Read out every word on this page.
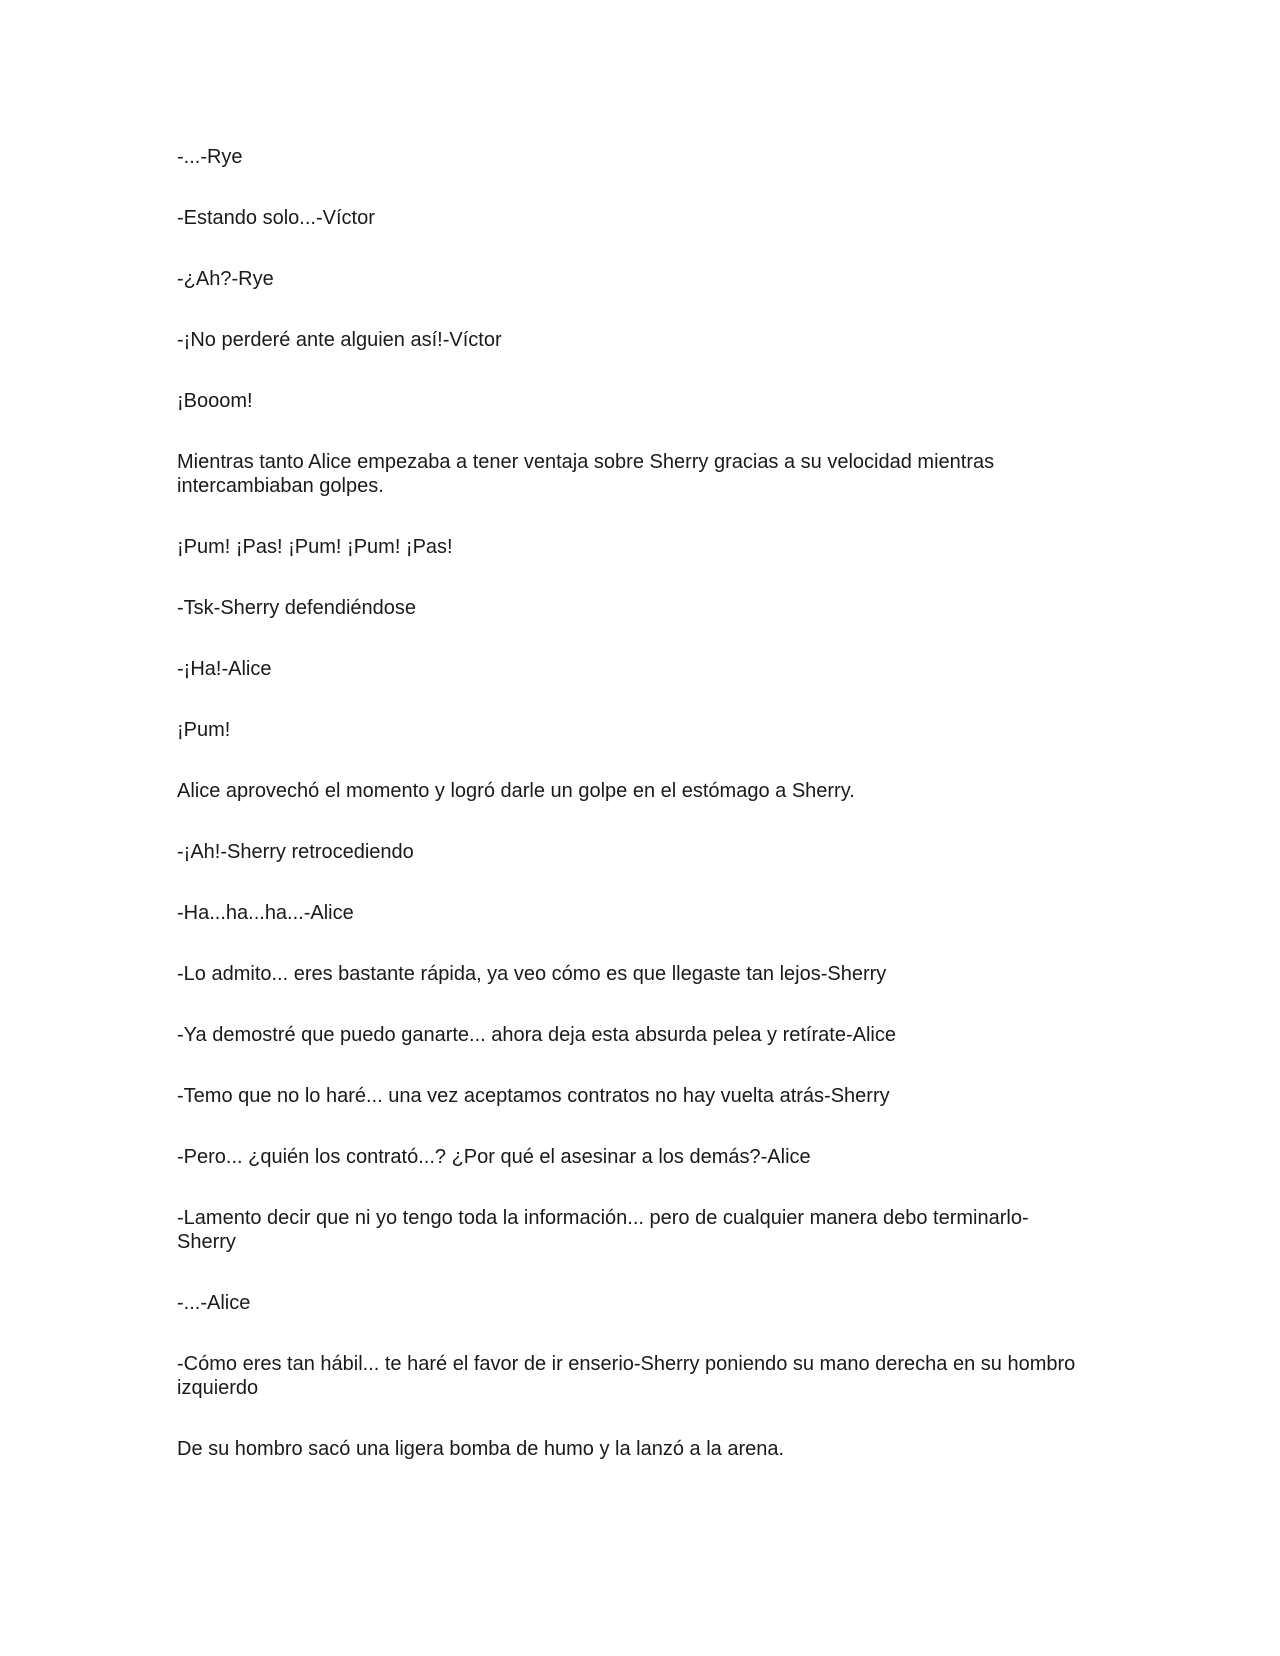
-...-Rye

-Estando solo...-Víctor

-¿Ah?-Rye

-¡No perderé ante alguien así!-Víctor

¡Booom!

Mientras tanto Alice empezaba a tener ventaja sobre Sherry gracias a su velocidad mientras intercambiaban golpes.

¡Pum! ¡Pas! ¡Pum! ¡Pum! ¡Pas!

-Tsk-Sherry defendiéndose

-¡Ha!-Alice

¡Pum!

Alice aprovechó el momento y logró darle un golpe en el estómago a Sherry.

-¡Ah!-Sherry retrocediendo

-Ha...ha...ha...-Alice

-Lo admito... eres bastante rápida, ya veo cómo es que llegaste tan lejos-Sherry

-Ya demostré que puedo ganarte... ahora deja esta absurda pelea y retírate-Alice

-Temo que no lo haré... una vez aceptamos contratos no hay vuelta atrás-Sherry

-Pero... ¿quién los contrató...? ¿Por qué el asesinar a los demás?-Alice

-Lamento decir que ni yo tengo toda la información... pero de cualquier manera debo terminarlo-Sherry

-...-Alice

-Cómo eres tan hábil... te haré el favor de ir enserio-Sherry poniendo su mano derecha en su hombro izquierdo

De su hombro sacó una ligera bomba de humo y la lanzó a la arena.
